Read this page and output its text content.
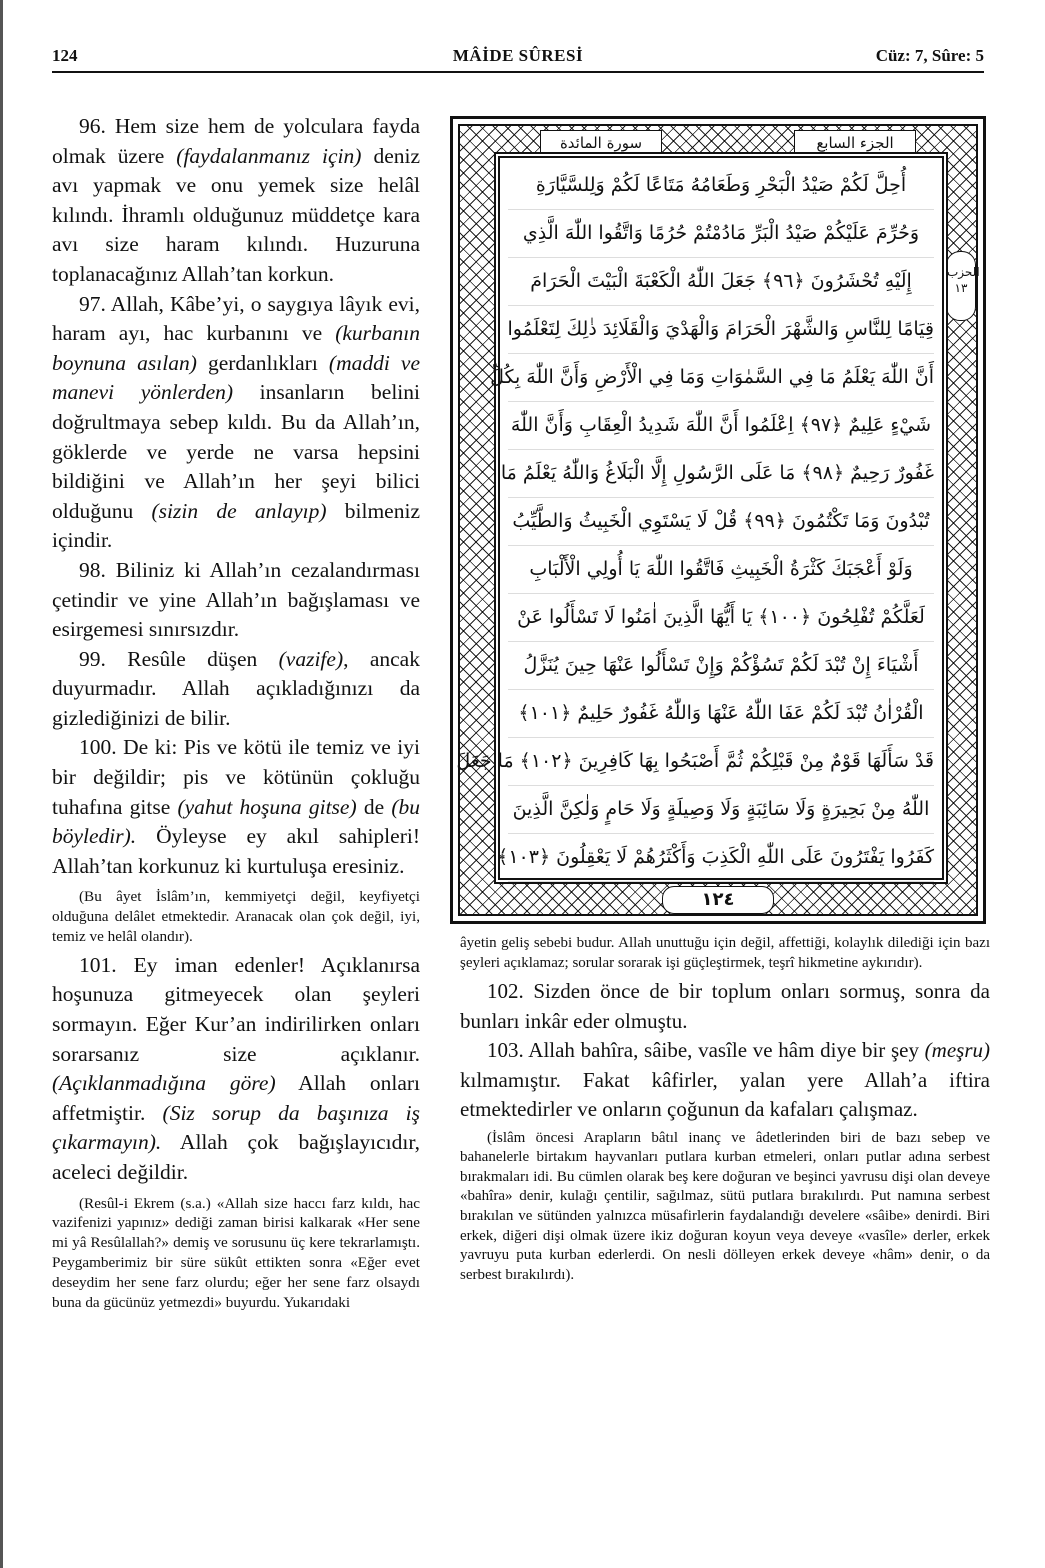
124	MÂİDE SÛRESİ	Cüz: 7, Sûre: 5

96. Hem size hem de yolculara fayda olmak üzere (faydalanmanız için) deniz avı yapmak ve onu yemek size helâl kılındı. İhramlı olduğunuz müddetçe kara avı size haram kılındı. Huzuruna toplanacağınız Allah’tan korkun.

97. Allah, Kâbe’yi, o saygıya lâyık evi, haram ayı, hac kurbanını ve (kurbanın boynuna asılan) gerdanlıkları (maddi ve manevi yönlerden) insanların belini doğrultmaya sebep kıldı. Bu da Allah’ın, göklerde ve yerde ne varsa hepsini bildiğini ve Allah’ın her şeyi bilici olduğunu (sizin de anlayıp) bilmeniz içindir.

98. Biliniz ki Allah’ın cezalandırması çetindir ve yine Allah’ın bağışlaması ve esirgemesi sınırsızdır.

99. Resûle düşen (vazife), ancak duyurmadır. Allah açıkladığınızı da gizlediğinizi de bilir.

100. De ki: Pis ve kötü ile temiz ve iyi bir değildir; pis ve kötünün çokluğu tuhafına gitse (yahut hoşuna gitse) de (bu böyledir). Öyleyse ey akıl sahipleri! Allah’tan korkunuz ki kurtuluşa eresiniz.

(Bu âyet İslâm’ın, kemmiyetçi değil, keyfiyetçi olduğuna delâlet etmektedir. Aranacak olan çok değil, iyi, temiz ve helâl olandır).

101. Ey iman edenler! Açıklanırsa hoşunuza gitmeyecek olan şeyleri sormayın. Eğer Kur’an indirilirken onları sorarsanız size açıklanır. (Açıklanmadığına göre) Allah onları affetmiştir. (Siz sorup da başınıza iş çıkarmayın). Allah çok bağışlayıcıdır, aceleci değildir.

(Resûl-i Ekrem (s.a.) «Allah size haccı farz kıldı, hac vazifenizi yapınız» dediği zaman birisi kalkarak «Her sene mi yâ Resûlallah?» demiş ve sorusunu üç kere tekrarlamıştı. Peygamberimiz bir süre sükût ettikten sonra «Eğer evet deseydim her sene farz olurdu; eğer her sene farz olsaydı buna da gücünüz yetmezdi» buyurdu. Yukarıdaki

سورة المائدة	الجزء السابع
الحزب ١٣
أُحِلَّ لَكُمْ صَيْدُ الْبَحْرِ وَطَعَامُهُ مَتَاعًا لَكُمْ وَلِلسَّيَّارَةِ
وَحُرِّمَ عَلَيْكُمْ صَيْدُ الْبَرِّ مَادُمْتُمْ حُرُمًا وَاتَّقُوا اللّٰهَ الَّذِي
إِلَيْهِ تُحْشَرُونَ ﴿٩٦﴾ جَعَلَ اللّٰهُ الْكَعْبَةَ الْبَيْتَ الْحَرَامَ
قِيَامًا لِلنَّاسِ وَالشَّهْرَ الْحَرَامَ وَالْهَدْيَ وَالْقَلَائِدَ ذٰلِكَ لِتَعْلَمُوا
أَنَّ اللّٰهَ يَعْلَمُ مَا فِي السَّمٰوَاتِ وَمَا فِي الْأَرْضِ وَأَنَّ اللّٰهَ بِكُلِّ
شَيْءٍ عَلِيمٌ ﴿٩٧﴾ اِعْلَمُوا أَنَّ اللّٰهَ شَدِيدُ الْعِقَابِ وَأَنَّ اللّٰهَ
غَفُورٌ رَحِيمٌ ﴿٩٨﴾ مَا عَلَى الرَّسُولِ إِلَّا الْبَلَاغُ وَاللّٰهُ يَعْلَمُ مَا
تُبْدُونَ وَمَا تَكْتُمُونَ ﴿٩٩﴾ قُلْ لَا يَسْتَوِي الْخَبِيثُ وَالطَّيِّبُ
وَلَوْ أَعْجَبَكَ كَثْرَةُ الْخَبِيثِ فَاتَّقُوا اللّٰهَ يَا أُولِي الْأَلْبَابِ
لَعَلَّكُمْ تُفْلِحُونَ ﴿١٠٠﴾ يَا أَيُّهَا الَّذِينَ اٰمَنُوا لَا تَسْأَلُوا عَنْ
أَشْيَاءَ إِنْ تُبْدَ لَكُمْ تَسُؤْكُمْ وَإِنْ تَسْأَلُوا عَنْهَا حِينَ يُنَزَّلُ
الْقُرْاٰنُ تُبْدَ لَكُمْ عَفَا اللّٰهُ عَنْهَا وَاللّٰهُ غَفُورٌ حَلِيمٌ ﴿١٠١﴾
قَدْ سَأَلَهَا قَوْمٌ مِنْ قَبْلِكُمْ ثُمَّ أَصْبَحُوا بِهَا كَافِرِينَ ﴿١٠٢﴾ مَا جَعَلَ
اللّٰهُ مِنْ بَحِيرَةٍ وَلَا سَائِبَةٍ وَلَا وَصِيلَةٍ وَلَا حَامٍ وَلٰكِنَّ الَّذِينَ
كَفَرُوا يَفْتَرُونَ عَلَى اللّٰهِ الْكَذِبَ وَأَكْثَرُهُمْ لَا يَعْقِلُونَ ﴿١٠٣﴾
١٢٤

âyetin geliş sebebi budur. Allah unuttuğu için değil, affettiği, kolaylık dilediği için bazı şeyleri açıklamaz; sorular sorarak işi güçleştirmek, teşrî hikmetine aykırıdır).

102. Sizden önce de bir toplum onları sormuş, sonra da bunları inkâr eder olmuştu.

103. Allah bahîra, sâibe, vasîle ve hâm diye bir şey (meşru) kılmamıştır. Fakat kâfirler, yalan yere Allah’a iftira etmektedirler ve onların çoğunun da kafaları çalışmaz.

(İslâm öncesi Arapların bâtıl inanç ve âdetlerinden biri de bazı sebep ve bahanelerle birtakım hayvanları putlara kurban etmeleri, onları putlar adına serbest bırakmaları idi. Bu cümlen olarak beş kere doğuran ve beşinci yavrusu dişi olan deveye «bahîra» denir, kulağı çentilir, sağılmaz, sütü putlara bırakılırdı. Put namına serbest bırakılan ve sütünden yalnızca müsafirlerin faydalandığı develere «sâibe» denirdi. Biri erkek, diğeri dişi olmak üzere ikiz doğuran koyun veya deveye «vasîle» derler, erkek yavruyu puta kurban ederlerdi. On nesli dölleyen erkek deveye «hâm» denir, o da serbest bırakılırdı).
